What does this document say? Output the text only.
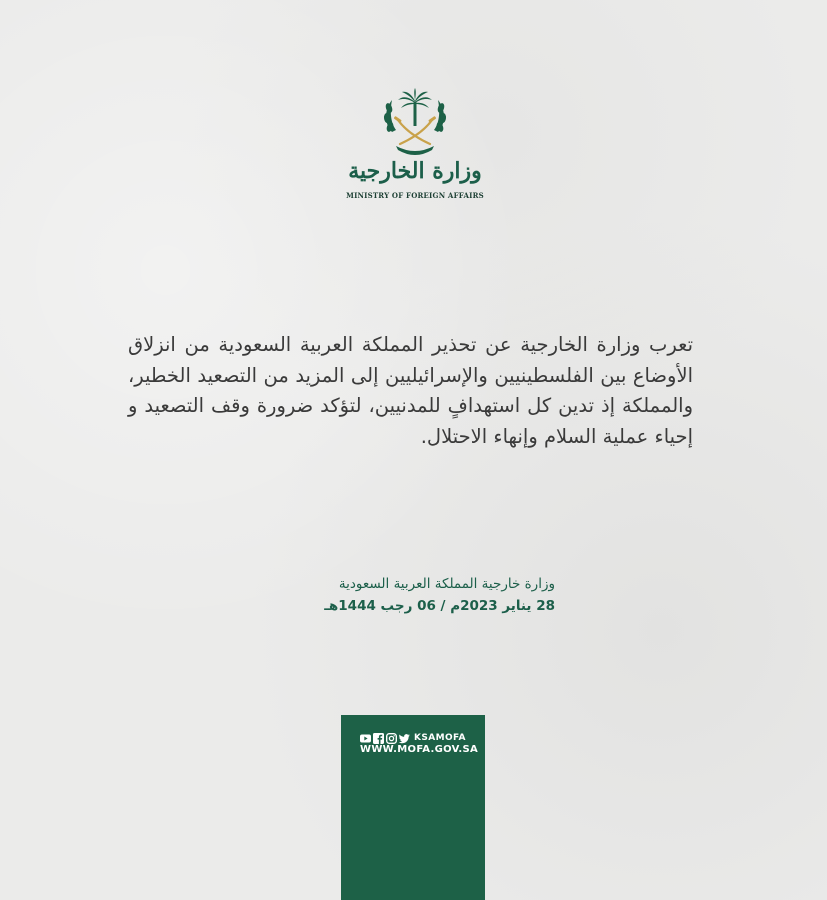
وزارة الخارجية
MINISTRY OF FOREIGN AFFAIRS
تعرب وزارة الخارجية عن تحذير المملكة العربية السعودية من انزلاق الأوضاع بين الفلسطينيين والإسرائيليين إلى المزيد من التصعيد الخطير، والمملكة إذ تدين كل استهدافٍ للمدنيين، لتؤكد ضرورة وقف التصعيد و إحياء عملية السلام وإنهاء الاحتلال.
وزارة خارجية المملكة العربية السعودية
28 يناير 2023م / 06 رجب 1444هـ
KSAMOFA
WWW.MOFA.GOV.SA
